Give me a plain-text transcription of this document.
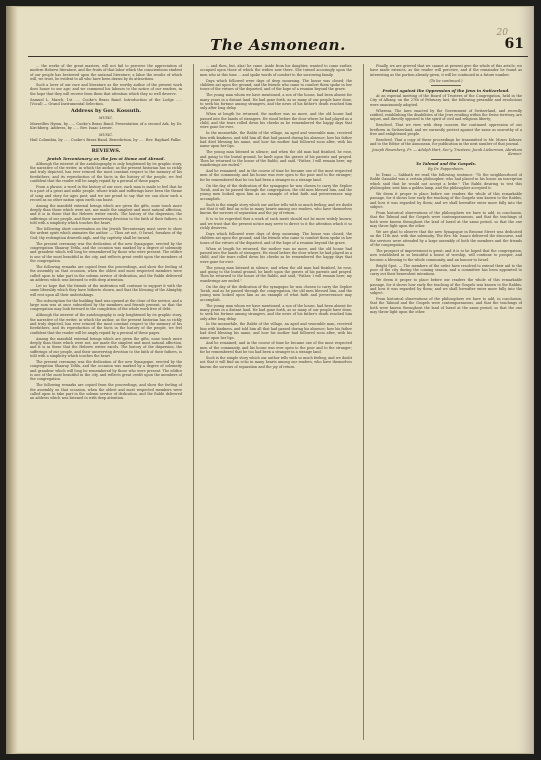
The Asmonean.
20
61

… the works of the great masters, will not fail to perceive the appreciation of modern Hebrew literature, and the fruits of that labor which the conscientious student of our people has bestowed upon the national literature; a labor the results of which will, we trust, be evident to all who have been drawn by its attractions.

Such a lover of our race and literature as the worthy author of the present work does honor to our age; and we commend his labours to the notice of our readers, in the hope that they will receive from them that attention which they so well deserve.

Samuel L. March, 1st ….. Cooke's Brass Band. Introduction of the Lodge ….. (Vocal) — Grand Instrumental Selection.
Address by Gov. Kossuth.
MUSIC.
Marseilles Hymn, by ….. Cooke's Brass Band. Presentation of a second Ark, by Dr. Kirchberg. Address, by ….. Rev. Isaac Leeser.
MUSIC.
Hail Columbia, by ….. Cooke's Brass Band. Benediction, by ….. Rev. Raphael Falke.
REVIEWS.
Jewish Tercentenary; or, the Jew at Home and Abroad.

Although the interest of the autobiography is only heightened by its graphic story, the narrative of the writer, in which the author, as the present historian has so richly and truly depicted, has ever evinced the most constant respect to the memory of his forefathers, and its reproduction of the facts in the history of the people, we feel confident that the reader will be amply repaid by a perusal of these pages.

From a phrase, a word in the history of our race, each man is made to feel that he is a part of a great and noble people, whose trials and sufferings have been the theme of song and story for ages past; and we are proud to say that we can show such a record as no other nation upon earth can boast.

Among the manifold external beings which are given the gifts, none touch more deeply than those which were not, nor made the simplest and most natural affection, and it is in these that the Hebrew writer excels. The history of the dispersion, the sufferings of our people, and their unswerving devotion to the faith of their fathers, is told with a simplicity which touches the heart.

The following short conversation on the Jewish Tercentenary must serve to show the ardent spirit which animates the author: — Thou art not, O Israel, forsaken of thy God; thy redemption draweth nigh, and thy captivity shall be turned.

The present ceremony was the dedication of the new Synagogue, erected by the congregation Shaaray Tefila, and the occasion was marked by a degree of solemnity and grandeur which will long be remembered by those who were present. The edifice is one of the most beautiful in the city, and reflects great credit upon the members of the congregation.

The following remarks are copied from the proceedings, and show the feeling of the assembly on that occasion, when the oldest and most respected members were called upon to take part in the solemn service of dedication, and the Rabbi delivered an address which was listened to with deep attention.

Let us hope that the friends of the institution will continue to support it with the same liberality which they have hitherto shown, and that the blessing of the Almighty will rest upon all their undertakings.

The subscription for the building fund was opened at the close of the service, and a large sum was at once subscribed by the members and friends present, so that the congregation may look forward to the completion of the whole work free of debt.

Although the interest of the autobiography is only heightened by its graphic story, the narrative of the writer, in which the author, as the present historian has so richly and truly depicted, has ever evinced the most constant respect to the memory of his forefathers, and its reproduction of the facts in the history of the people, we feel confident that the reader will be amply repaid by a perusal of these pages.

Among the manifold external beings which are given the gifts, none touch more deeply than those which were not, nor made the simplest and most natural affection, and it is in these that the Hebrew writer excels. The history of the dispersion, the sufferings of our people, and their unswerving devotion to the faith of their fathers, is told with a simplicity which touches the heart.

The present ceremony was the dedication of the new Synagogue, erected by the congregation Shaaray Tefila, and the occasion was marked by a degree of solemnity and grandeur which will long be remembered by those who were present. The edifice is one of the most beautiful in the city, and reflects great credit upon the members of the congregation.

The following remarks are copied from the proceedings, and show the feeling of the assembly on that occasion, when the oldest and most respected members were called upon to take part in the solemn service of dedication, and the Rabbi delivered an address which was listened to with deep attention.

… and then, but, alas! he came. Aside from his daughter, wanted to come earlier, occupied upon those of which the widow now there. She turned accusingly upon the men who at this time … and spoke words of comfort to the sorrowing family.

Days which followed were days of deep mourning. The house was closed; the children sat upon the ground; and the friends who came to comfort them spoke in low tones of the virtues of the departed, and of the hope of a reunion beyond the grave.

The young man whom we have mentioned, a son of the house, had been absent for many years in a distant land. He had gone forth, as so many of our people have done, to seek his fortune among strangers, and the news of his father's death reached him only after long delay.

When at length he returned, the mother was no more, and the old house had passed into the hands of strangers. He stood before the door where he had played as a child, and the tears rolled down his cheeks as he remembered the happy days that were gone for ever.

In the meanwhile, the Rabbi of the village, an aged and venerable man, received him with kindness, and told him all that had passed during his absence; how his father had died blessing his name, and how his mother had followed soon after, with his name upon her lips.

The young man listened in silence; and when the old man had finished, he rose, and going to the burial ground, he knelt upon the graves of his parents and prayed. Then he returned to the house of the Rabbi, and said, "Father, I will remain here; my wanderings are ended."

And he remained; and in the course of time he became one of the most respected men of the community, and his house was ever open to the poor and to the stranger; for he remembered that he too had been a stranger in a strange land.

On the day of the dedication of the synagogue he was chosen to carry the Sepher Torah, and as he passed through the congregation, the old men blessed him, and the young men looked upon him as an example of what faith and perseverance may accomplish.

Such is the simple story which our author tells with so much feeling; and we doubt not that it will find an echo in many hearts among our readers, who have themselves known the sorrows of separation and the joy of return.

It is to be regretted that a work of such merit should not be more widely known; and we trust that the present notice may serve to direct to it the attention which it so richly deserves.

Days which followed were days of deep mourning. The house was closed; the children sat upon the ground; and the friends who came to comfort them spoke in low tones of the virtues of the departed, and of the hope of a reunion beyond the grave.

When at length he returned, the mother was no more, and the old house had passed into the hands of strangers. He stood before the door where he had played as a child, and the tears rolled down his cheeks as he remembered the happy days that were gone for ever.

The young man listened in silence; and when the old man had finished, he rose, and going to the burial ground, he knelt upon the graves of his parents and prayed. Then he returned to the house of the Rabbi, and said, "Father, I will remain here; my wanderings are ended."

On the day of the dedication of the synagogue he was chosen to carry the Sepher Torah, and as he passed through the congregation, the old men blessed him, and the young men looked upon him as an example of what faith and perseverance may accomplish.

The young man whom we have mentioned, a son of the house, had been absent for many years in a distant land. He had gone forth, as so many of our people have done, to seek his fortune among strangers, and the news of his father's death reached him only after long delay.

In the meanwhile, the Rabbi of the village, an aged and venerable man, received him with kindness, and told him all that had passed during his absence; how his father had died blessing his name, and how his mother had followed soon after, with his name upon her lips.

And he remained; and in the course of time he became one of the most respected men of the community, and his house was ever open to the poor and to the stranger; for he remembered that he too had been a stranger in a strange land.

Such is the simple story which our author tells with so much feeling; and we doubt not that it will find an echo in many hearts among our readers, who have themselves known the sorrows of separation and the joy of return.

Finally, we are grieved that we cannot at present give the whole of this article; we have made extracts, as the reader will perceive, and if the remainder be found as interesting as the portion already given, it will be continued in a future number.

(To be continued.)
Protest against the Oppression of the Jews in Switzerland.

At an especial meeting of the Board of Trustees of the Congregation, held in the City of Albany, on the 27th of February last, the following preamble and resolutions were unanimously adopted.

Whereas, The laws enacted by the Government of Switzerland, and recently ratified, establishing the disabilities of the Jews residing within the Swiss territory, are unjust, and directly opposed to the spirit of civil and religious liberty;

Resolved, That we view with deep concern the continued oppression of our brethren in Switzerland, and we earnestly protest against the same as unworthy of a free and enlightened people.

Resolved, That a copy of these proceedings be transmitted to Mr. Moses Kohner, and to the Editor of the Asmonean, for publication in the next number of that journal.

Joseph Rosenberg, Pr. — Adolph Hart, Sec'y. Trustees: Jacob Lieberman, Abraham Kenner.
To Talmud and the Gospels.
By Dr. Pappenheim.

In Texas — Sabbath we read the following sentence: "To the neighbourhood of Rabbi Gamaliel was a certain philosopher, who had placed in his house an inscription which said that he would not accept a bribe." The Rabbi desiring to test this philosopher, sent him a golden lamp, and the philosopher accepted it.

We deem it proper to place before our readers the whole of this remarkable passage, for it shows how early the teaching of the Gospels was known to the Rabbis, and how it was regarded by them; and we shall hereafter enter more fully into the subject.

From historical observations of the philosophers we have to add, in conclusion, that the Talmud and the Gospels were contemporaneous, and that the teachings of both were known throughout the land of Israel at the same period, so that the one may throw light upon the other.

We are glad to observe that the new Synagogue in Broome Street was dedicated on the 11th inst. with due solemnity. The Rev. Mr. Isaacs delivered the discourse, and the services were attended by a large assembly of both the members and the friends of the congregation.

The prospect of improvement is great; and it is to be hoped that the congregation, now established in so beautiful a house of worship, will continue to prosper, and become a blessing to the whole community, and an honour to Israel.

Bright Spot. — The members of the order have resolved to extend their aid to the poor of the city during the coming season, and a committee has been appointed to carry out their benevolent intentions.

We deem it proper to place before our readers the whole of this remarkable passage, for it shows how early the teaching of the Gospels was known to the Rabbis, and how it was regarded by them; and we shall hereafter enter more fully into the subject.

From historical observations of the philosophers we have to add, in conclusion, that the Talmud and the Gospels were contemporaneous, and that the teachings of both were known throughout the land of Israel at the same period, so that the one may throw light upon the other.
